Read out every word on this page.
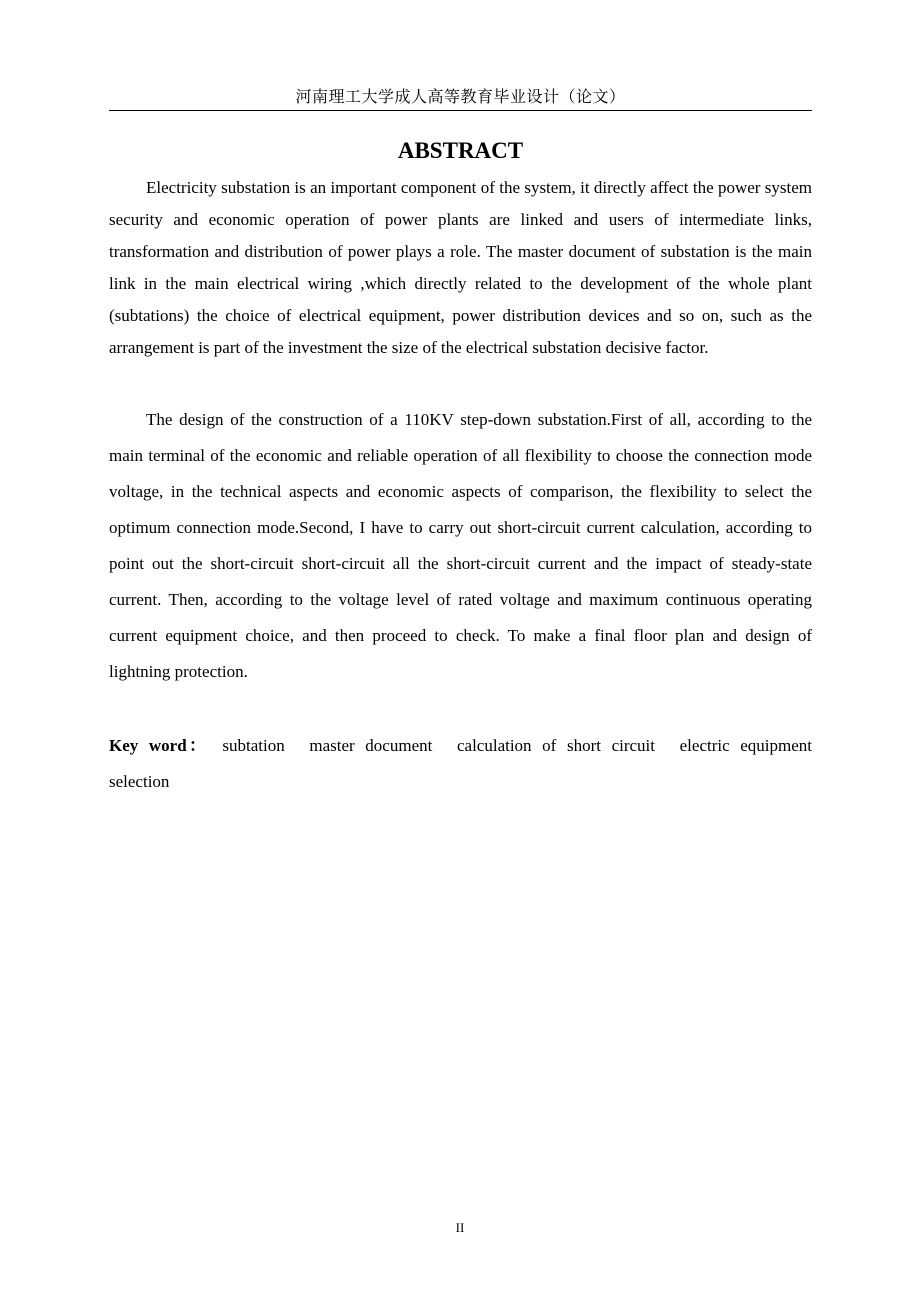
河南理工大学成人高等教育毕业设计（论文）
ABSTRACT

Electricity substation is an important component of the system, it directly affect the power system security and economic operation of power plants are linked and users of intermediate links, transformation and distribution of power plays a role. The master document of substation is the main link in the main electrical wiring ,which directly related to the development of the whole plant (subtations) the choice of electrical equipment, power distribution devices and so on, such as the arrangement is part of the investment the size of the electrical substation decisive factor.

The design of the construction of a 110KV step-down substation.First of all, according to the main terminal of the economic and reliable operation of all flexibility to choose the connection mode voltage, in the technical aspects and economic aspects of comparison, the flexibility to select the optimum connection mode.Second, I have to carry out short-circuit current calculation, according to point out the short-circuit short-circuit all the short-circuit current and the impact of steady-state current. Then, according to the voltage level of rated voltage and maximum continuous operating current equipment choice, and then proceed to check. To make a final floor plan and design of lightning protection.

Key word： subtation master document calculation of short circuit electric equipment selection

II
